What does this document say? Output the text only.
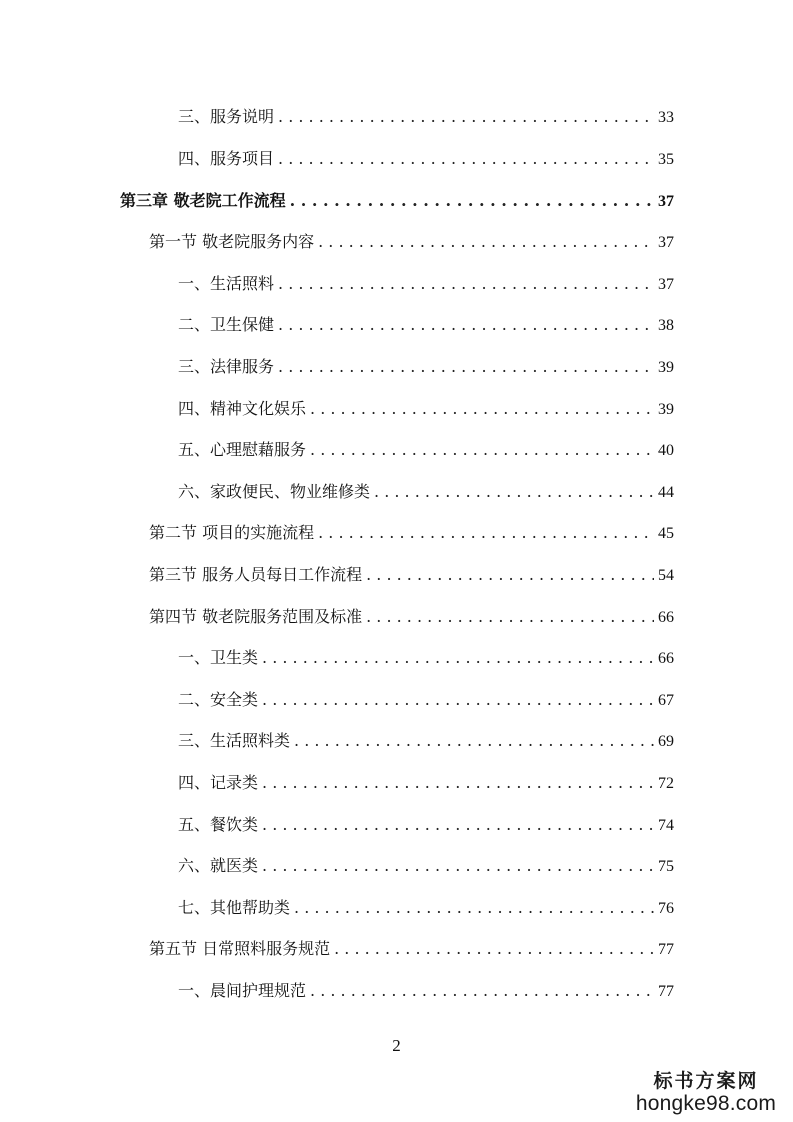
三、服务说明 . . .	33
四、服务项目 . . .	35
第三章 敬老院工作流程 . . .	37
第一节 敬老院服务内容 . . .	37
一、生活照料 . . .	37
二、卫生保健 . . .	38
三、法律服务 . . .	39
四、精神文化娱乐 . . .	39
五、心理慰藉服务 . . .	40
六、家政便民、物业维修类 . . .	44
第二节 项目的实施流程 . . .	45
第三节 服务人员每日工作流程 . . .	54
第四节 敬老院服务范围及标准 . . .	66
一、卫生类 . . .	66
二、安全类 . . .	67
三、生活照料类 . . .	69
四、记录类 . . .	72
五、餐饮类 . . .	74
六、就医类 . . .	75
七、其他帮助类 . . .	76
第五节 日常照料服务规范 . . .	77
一、晨间护理规范 . . .	77
2
标书方案网
hongke98.com
